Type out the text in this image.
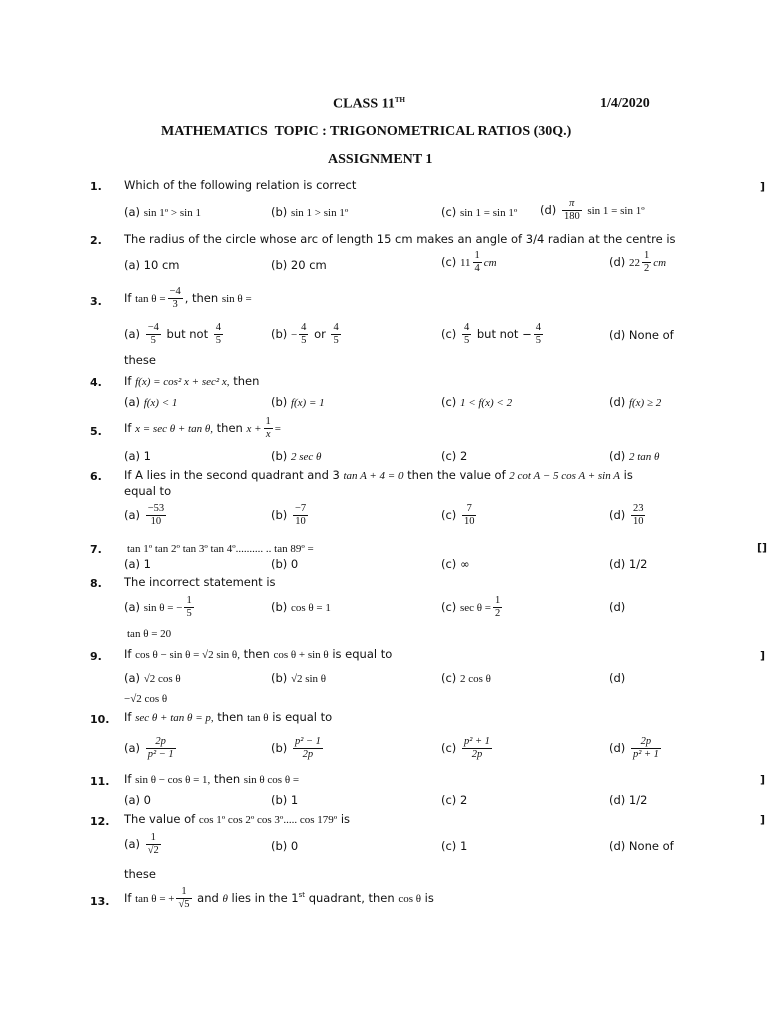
CLASS 11TH	1/4/2020
MATHEMATICS  TOPIC : TRIGONOMETRICAL RATIOS (30Q.)
ASSIGNMENT 1
]
[]
]
]
]
1. Which of the following relation is correct
(a) sin 1º > sin 1	(b) sin 1 > sin 1º	(c) sin 1 = sin 1º $(d) \frac{\pi}{180}$ sin 1 = sin 1º
2. The radius of the circle whose arc of length 15 cm makes an angle of 3/4 radian at the centre is
(a) 10 cm	(b) 20 cm	(c) $11 \frac{1}{4}$ cm	(d) $22 \frac{1}{2}$ cm
3. If $\tan \theta = \frac{-4}{3}$ , then sin θ =
$(a) \frac{-4}{5}$ but not $\frac{4}{5}$	$(b) - \frac{4}{5}$ or $\frac{4}{5}$	$(c) \frac{4}{5}$ but not − $\frac{4}{5}$	(d) None of
these
4. If f(x) = cos² x + sec² x, then
(a) f(x) < 1	(b) f(x) = 1	(c) 1 < f(x) < 2	(d) f(x) ≥ 2
5. If x = sec θ + tan θ, then $x + \frac{1}{x}$ =
(a) 1	(b) 2 sec θ	(c) 2	(d) 2 tan θ
6. If A lies in the second quadrant and 3 tan A + 4 = 0 then the value of 2 cot A − 5 cos A + sin A is
equal to
$(a) \frac{-53}{10}$	$(b) \frac{-7}{10}$	$(c) \frac{7}{10}$	$(d) \frac{23}{10}$
7. tan 1º tan 2º tan 3º tan 4º.......... .. tan 89º =
(a) 1	(b) 0	(c) ∞	(d) 1/2
8. The incorrect statement is
(a) sin θ = − $\frac{1}{5}$	(b) cos θ = 1	(c) $\sec \theta = \frac{1}{2}$	(d)
tan θ = 20
9. If cos θ − sin θ = √2 sin θ, then cos θ + sin θ is equal to
(a) √2 cos θ	(b) √2 sin θ	(c) 2 cos θ	(d)
−√2 cos θ
10. If sec θ + tan θ = p, then tan θ is equal to
$(a) \frac{2p}{\text{p² − 1}}$	$(b) \frac{\text{p² − 1}}{2p}$	$(c) \frac{\text{p² + 1}}{2p}$	$(d) \frac{2p}{\text{p² + 1}}$
11. If sin θ − cos θ = 1, then sin θ cos θ =
(a) 0	(b) 1	(c) 2	(d) 1/2
12. The value of cos 1º cos 2º cos 3º..... cos 179º is
$(a) \frac{1}{√2}$	(b) 0	(c) 1	(d) None of
these
13. If tan θ = + $\frac{1}{√5}$ and θ lies in the 1st quadrant, then cos θ is
